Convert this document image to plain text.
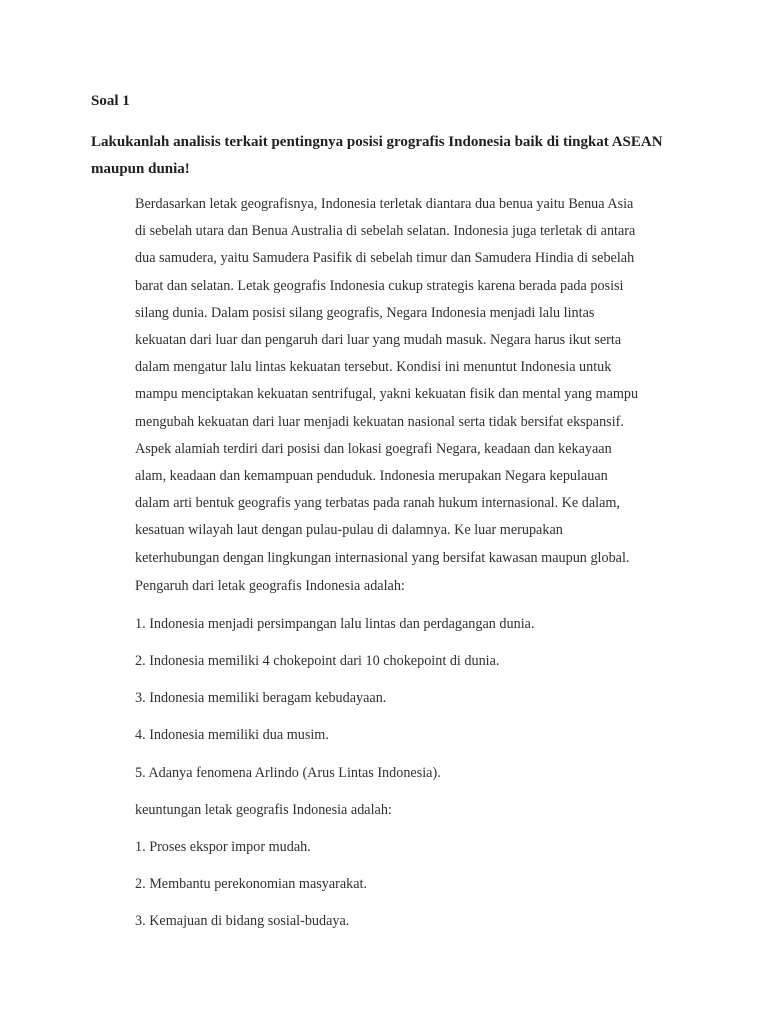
Soal 1

Lakukanlah analisis terkait pentingnya posisi grografis Indonesia baik di tingkat ASEAN
maupun dunia!

Berdasarkan letak geografisnya, Indonesia terletak diantara dua benua yaitu Benua Asia
di sebelah utara dan Benua Australia di sebelah selatan. Indonesia juga terletak di antara
dua samudera, yaitu Samudera Pasifik di sebelah timur dan Samudera Hindia di sebelah
barat dan selatan. Letak geografis Indonesia cukup strategis karena berada pada posisi
silang dunia. Dalam posisi silang geografis, Negara Indonesia menjadi lalu lintas
kekuatan dari luar dan pengaruh dari luar yang mudah masuk. Negara harus ikut serta
dalam mengatur lalu lintas kekuatan tersebut. Kondisi ini menuntut Indonesia untuk
mampu menciptakan kekuatan sentrifugal, yakni kekuatan fisik dan mental yang mampu
mengubah kekuatan dari luar menjadi kekuatan nasional serta tidak bersifat ekspansif.
Aspek alamiah terdiri dari posisi dan lokasi goegrafi Negara, keadaan dan kekayaan
alam, keadaan dan kemampuan penduduk. Indonesia merupakan Negara kepulauan
dalam arti bentuk geografis yang terbatas pada ranah hukum internasional. Ke dalam,
kesatuan wilayah laut dengan pulau-pulau di dalamnya. Ke luar merupakan
keterhubungan dengan lingkungan internasional yang bersifat kawasan maupun global.

Pengaruh dari letak geografis Indonesia adalah:

1. Indonesia menjadi persimpangan lalu lintas dan perdagangan dunia.

2. Indonesia memiliki 4 chokepoint dari 10 chokepoint di dunia.

3. Indonesia memiliki beragam kebudayaan.

4. Indonesia memiliki dua musim.

5. Adanya fenomena Arlindo (Arus Lintas Indonesia).

keuntungan letak geografis Indonesia adalah:

1. Proses ekspor impor mudah.

2. Membantu perekonomian masyarakat.

3. Kemajuan di bidang sosial-budaya.
